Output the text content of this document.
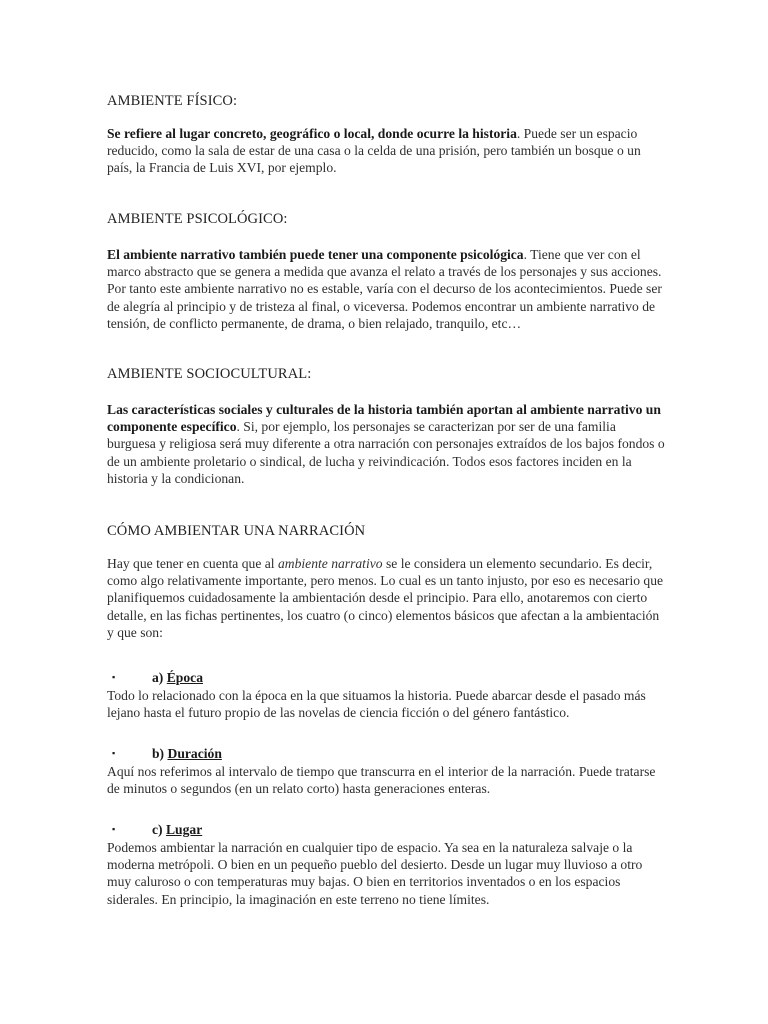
AMBIENTE FÍSICO:

Se refiere al lugar concreto, geográfico o local, donde ocurre la historia. Puede ser un espacio reducido, como la sala de estar de una casa o la celda de una prisión, pero también un bosque o un país, la Francia de Luis XVI, por ejemplo.

AMBIENTE PSICOLÓGICO:

El ambiente narrativo también puede tener una componente psicológica. Tiene que ver con el marco abstracto que se genera a medida que avanza el relato a través de los personajes y sus acciones. Por tanto este ambiente narrativo no es estable, varía con el decurso de los acontecimientos. Puede ser de alegría al principio y de tristeza al final, o viceversa. Podemos encontrar un ambiente narrativo de tensión, de conflicto permanente, de drama, o bien relajado, tranquilo, etc…

AMBIENTE SOCIOCULTURAL:

Las características sociales y culturales de la historia también aportan al ambiente narrativo un componente específico. Si, por ejemplo, los personajes se caracterizan por ser de una familia burguesa y religiosa será muy diferente a otra narración con personajes extraídos de los bajos fondos o de un ambiente proletario o sindical, de lucha y reivindicación. Todos esos factores inciden en la historia y la condicionan.

CÓMO AMBIENTAR UNA NARRACIÓN

Hay que tener en cuenta que al ambiente narrativo se le considera un elemento secundario. Es decir, como algo relativamente importante, pero menos. Lo cual es un tanto injusto, por eso es necesario que planifiquemos cuidadosamente la ambientación desde el principio. Para ello, anotaremos con cierto detalle, en las fichas pertinentes, los cuatro (o cinco) elementos básicos que afectan a la ambientación y que son:

▪	a) Época

Todo lo relacionado con la época en la que situamos la historia. Puede abarcar desde el pasado más lejano hasta el futuro propio de las novelas de ciencia ficción o del género fantástico.

▪	b) Duración

Aquí nos referimos al intervalo de tiempo que transcurra en el interior de la narración. Puede tratarse de minutos o segundos (en un relato corto) hasta generaciones enteras.

▪	c) Lugar

Podemos ambientar la narración en cualquier tipo de espacio. Ya sea en la naturaleza salvaje o la moderna metrópoli. O bien en un pequeño pueblo del desierto. Desde un lugar muy lluvioso a otro muy caluroso o con temperaturas muy bajas. O bien en territorios inventados o en los espacios siderales. En principio, la imaginación en este terreno no tiene límites.
